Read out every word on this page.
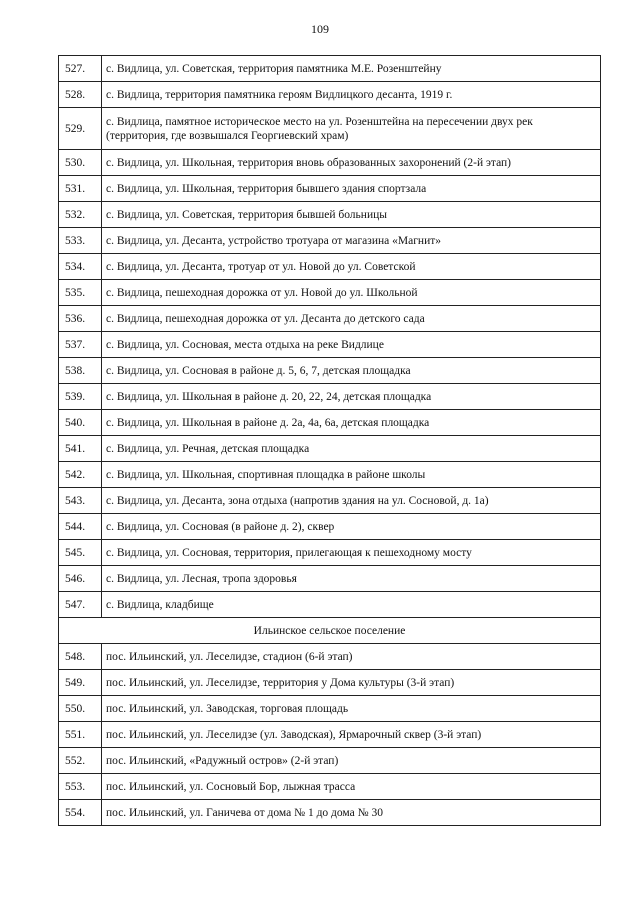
109
527.	с. Видлица, ул. Советская, территория памятника М.Е. Розенштейну
528.	с. Видлица, территория памятника героям Видлицкого десанта, 1919 г.
529.	с. Видлица, памятное историческое место на ул. Розенштейна на пересечении двух рек (территория, где возвышался Георгиевский храм)
530.	с. Видлица, ул. Школьная, территория вновь образованных захоронений (2-й этап)
531.	с. Видлица, ул. Школьная, территория бывшего здания спортзала
532.	с. Видлица, ул. Советская, территория бывшей больницы
533.	с. Видлица, ул. Десанта, устройство тротуара от магазина «Магнит»
534.	с. Видлица, ул. Десанта, тротуар от ул. Новой до ул. Советской
535.	с. Видлица, пешеходная дорожка от ул. Новой до ул. Школьной
536.	с. Видлица, пешеходная дорожка от ул. Десанта до детского сада
537.	с. Видлица, ул. Сосновая, места отдыха на реке Видлице
538.	с. Видлица, ул. Сосновая в районе д. 5, 6, 7, детская площадка
539.	с. Видлица, ул. Школьная в районе д. 20, 22, 24, детская площадка
540.	с. Видлица, ул. Школьная в районе д. 2а, 4а, 6а, детская площадка
541.	с. Видлица, ул. Речная, детская площадка
542.	с. Видлица, ул. Школьная, спортивная площадка в районе школы
543.	с. Видлица, ул. Десанта, зона отдыха (напротив здания на ул. Сосновой, д. 1а)
544.	с. Видлица, ул. Сосновая (в районе д. 2), сквер
545.	с. Видлица, ул. Сосновая, территория, прилегающая к пешеходному мосту
546.	с. Видлица, ул. Лесная, тропа здоровья
547.	с. Видлица, кладбище
Ильинское сельское поселение	
548.	пос. Ильинский, ул. Леселидзе, стадион (6-й этап)
549.	пос. Ильинский, ул. Леселидзе, территория у Дома культуры (3-й этап)
550.	пос. Ильинский, ул. Заводская, торговая площадь
551.	пос. Ильинский, ул. Леселидзе (ул. Заводская), Ярмарочный сквер (3-й этап)
552.	пос. Ильинский, «Радужный остров» (2-й этап)
553.	пос. Ильинский, ул. Сосновый Бор, лыжная трасса
554.	пос. Ильинский, ул. Ганичева от дома № 1 до дома № 30
